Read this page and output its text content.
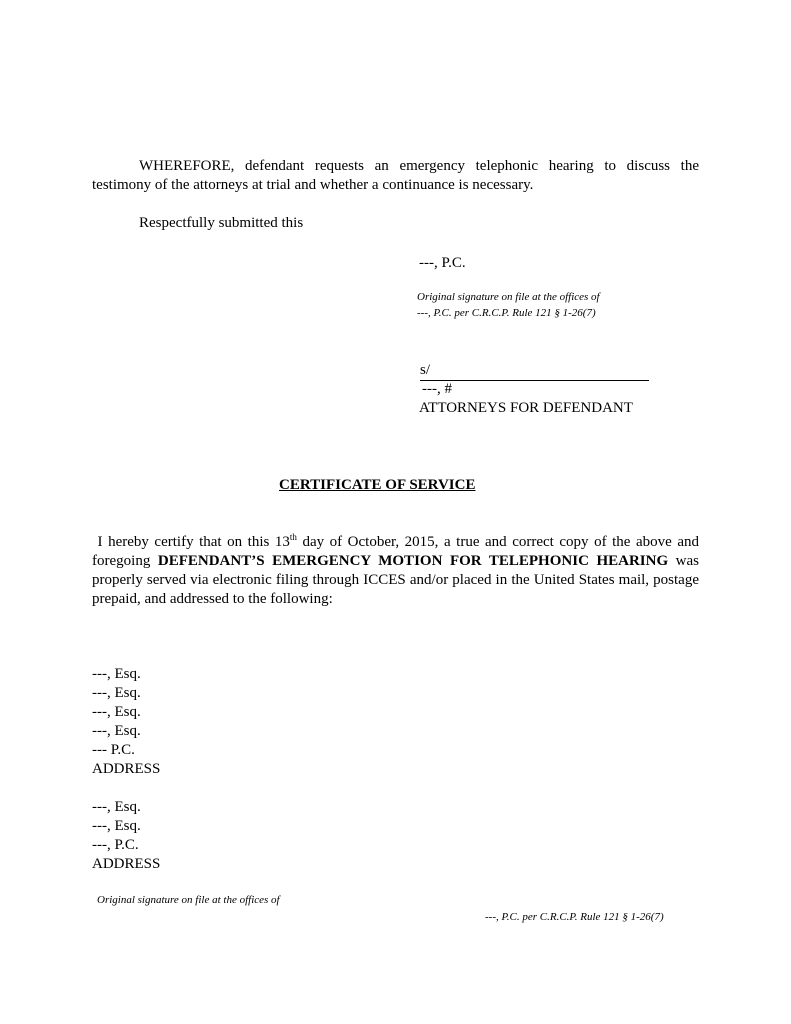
WHEREFORE, defendant requests an emergency telephonic hearing to discuss the testimony of the attorneys at trial and whether a continuance is necessary.
Respectfully submitted this
---, P.C.
Original signature on file at the offices of
---, P.C. per C.R.C.P. Rule 121 § 1-26(7)
s/
---, #
ATTORNEYS FOR DEFENDANT
CERTIFICATE OF SERVICE
I hereby certify that on this 13th day of October, 2015, a true and correct copy of the above and foregoing DEFENDANT’S EMERGENCY MOTION FOR TELEPHONIC HEARING was properly served via electronic filing through ICCES and/or placed in the United States mail, postage prepaid, and addressed to the following:
---, Esq.
---, Esq.
---, Esq.
---, Esq.
--- P.C.
ADDRESS
---, Esq.
---, Esq.
---, P.C.
ADDRESS
Original signature on file at the offices of
---, P.C. per C.R.C.P. Rule 121 § 1-26(7)
